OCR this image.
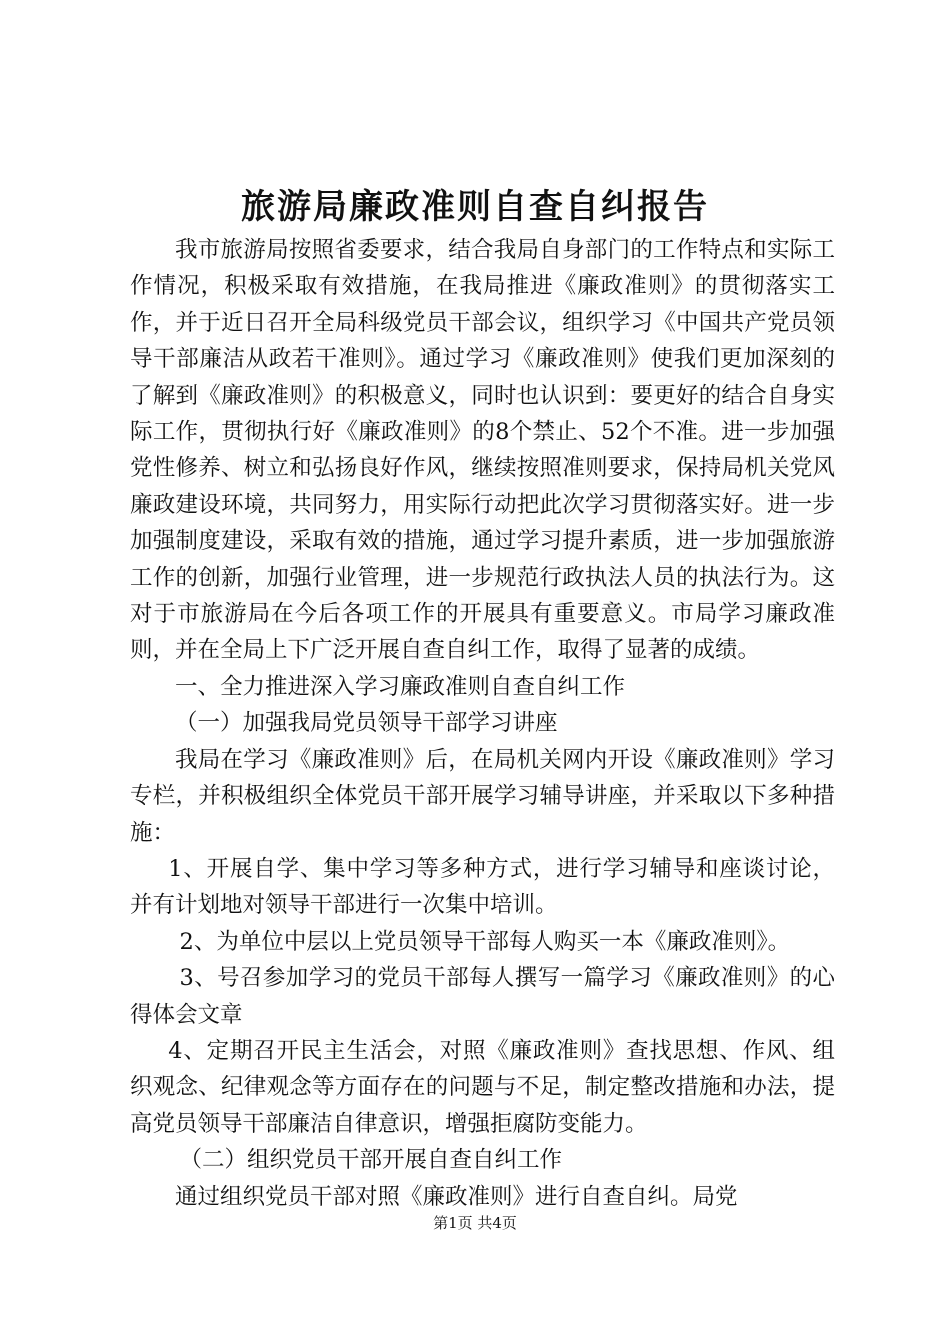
旅游局廉政准则自查自纠报告

我市旅游局按照省委要求，结合我局自身部门的工作特点和实际工作情况，积极采取有效措施，在我局推进《廉政准则》的贯彻落实工作，并于近日召开全局科级党员干部会议，组织学习《中国共产党员领导干部廉洁从政若干准则》。通过学习《廉政准则》使我们更加深刻的了解到《廉政准则》的积极意义，同时也认识到：要更好的结合自身实际工作，贯彻执行好《廉政准则》的8个禁止、52个不准。进一步加强党性修养、树立和弘扬良好作风，继续按照准则要求，保持局机关党风廉政建设环境，共同努力，用实际行动把此次学习贯彻落实好。进一步加强制度建设，采取有效的措施，通过学习提升素质，进一步加强旅游工作的创新，加强行业管理，进一步规范行政执法人员的执法行为。这对于市旅游局在今后各项工作的开展具有重要意义。市局学习廉政准则，并在全局上下广泛开展自查自纠工作，取得了显著的成绩。

一、全力推进深入学习廉政准则自查自纠工作

（一）加强我局党员领导干部学习讲座

我局在学习《廉政准则》后，在局机关网内开设《廉政准则》学习专栏，并积极组织全体党员干部开展学习辅导讲座，并采取以下多种措施：

1、开展自学、集中学习等多种方式，进行学习辅导和座谈讨论，并有计划地对领导干部进行一次集中培训。

2、为单位中层以上党员领导干部每人购买一本《廉政准则》。

3、号召参加学习的党员干部每人撰写一篇学习《廉政准则》的心得体会文章

4、定期召开民主生活会，对照《廉政准则》查找思想、作风、组织观念、纪律观念等方面存在的问题与不足，制定整改措施和办法，提高党员领导干部廉洁自律意识，增强拒腐防变能力。

（二）组织党员干部开展自查自纠工作

通过组织党员干部对照《廉政准则》进行自查自纠。局党

第1页 共4页
